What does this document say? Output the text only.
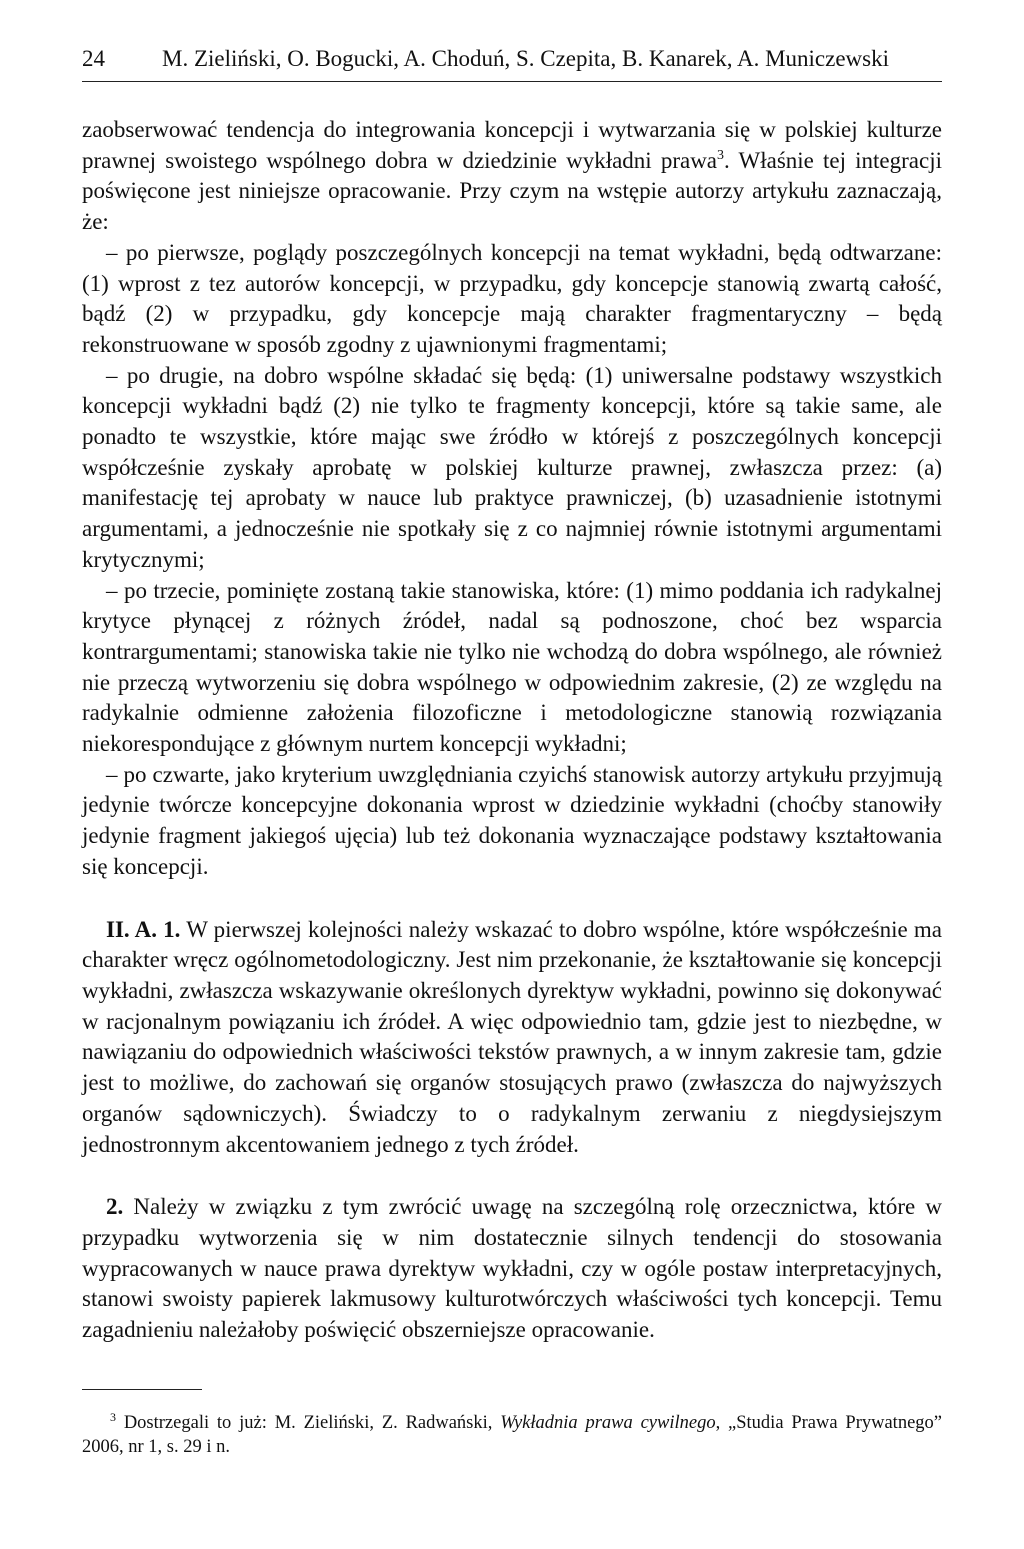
24 M. Zieliński, O. Bogucki, A. Choduń, S. Czepita, B. Kanarek, A. Municzewski

zaobserwować tendencja do integrowania koncepcji i wytwarzania się w polskiej kulturze prawnej swoistego wspólnego dobra w dziedzinie wykładni prawa$^3$. Właśnie tej integracji poświęcone jest niniejsze opracowanie. Przy czym na wstępie autorzy artykułu zaznaczają, że:

– po pierwsze, poglądy poszczególnych koncepcji na temat wykładni, będą odtwarzane: (1) wprost z tez autorów koncepcji, w przypadku, gdy koncepcje stanowią zwartą całość, bądź (2) w przypadku, gdy koncepcje mają charakter fragmentaryczny – będą rekonstruowane w sposób zgodny z ujawnionymi fragmentami;

– po drugie, na dobro wspólne składać się będą: (1) uniwersalne podstawy wszystkich koncepcji wykładni bądź (2) nie tylko te fragmenty koncepcji, które są takie same, ale ponadto te wszystkie, które mając swe źródło w którejś z poszczególnych koncepcji współcześnie zyskały aprobatę w polskiej kulturze prawnej, zwłaszcza przez: (a) manifestację tej aprobaty w nauce lub praktyce prawniczej, (b) uzasadnienie istotnymi argumentami, a jednocześnie nie spotkały się z co najmniej równie istotnymi argumentami krytycznymi;

– po trzecie, pominięte zostaną takie stanowiska, które: (1) mimo poddania ich radykalnej krytyce płynącej z różnych źródeł, nadal są podnoszone, choć bez wsparcia kontrargumentami; stanowiska takie nie tylko nie wchodzą do dobra wspólnego, ale również nie przeczą wytworzeniu się dobra wspólnego w odpowiednim zakresie, (2) ze względu na radykalnie odmienne założenia filozoficzne i metodologiczne stanowią rozwiązania niekorespondujące z głównym nurtem koncepcji wykładni;

– po czwarte, jako kryterium uwzględniania czyichś stanowisk autorzy artykułu przyjmują jedynie twórcze koncepcyjne dokonania wprost w dziedzinie wykładni (choćby stanowiły jedynie fragment jakiegoś ujęcia) lub też dokonania wyznaczające podstawy kształtowania się koncepcji.

II. A. 1. W pierwszej kolejności należy wskazać to dobro wspólne, które współcześnie ma charakter wręcz ogólnometodologiczny. Jest nim przekonanie, że kształtowanie się koncepcji wykładni, zwłaszcza wskazywanie określonych dyrektyw wykładni, powinno się dokonywać w racjonalnym powiązaniu ich źródeł. A więc odpowiednio tam, gdzie jest to niezbędne, w nawiązaniu do odpowiednich właściwości tekstów prawnych, a w innym zakresie tam, gdzie jest to możliwe, do zachowań się organów stosujących prawo (zwłaszcza do najwyższych organów sądowniczych). Świadczy to o radykalnym zerwaniu z niegdysiejszym jednostronnym akcentowaniem jednego z tych źródeł.

2. Należy w związku z tym zwrócić uwagę na szczególną rolę orzecznictwa, które w przypadku wytworzenia się w nim dostatecznie silnych tendencji do stosowania wypracowanych w nauce prawa dyrektyw wykładni, czy w ogóle postaw interpretacyjnych, stanowi swoisty papierek lakmusowy kulturotwórczych właściwości tych koncepcji. Temu zagadnieniu należałoby poświęcić obszerniejsze opracowanie.

$^3$ Dostrzegali to już: M. Zieliński, Z. Radwański, Wykładnia prawa cywilnego, „Studia Prawa Prywatnego” 2006, nr 1, s. 29 i n.
